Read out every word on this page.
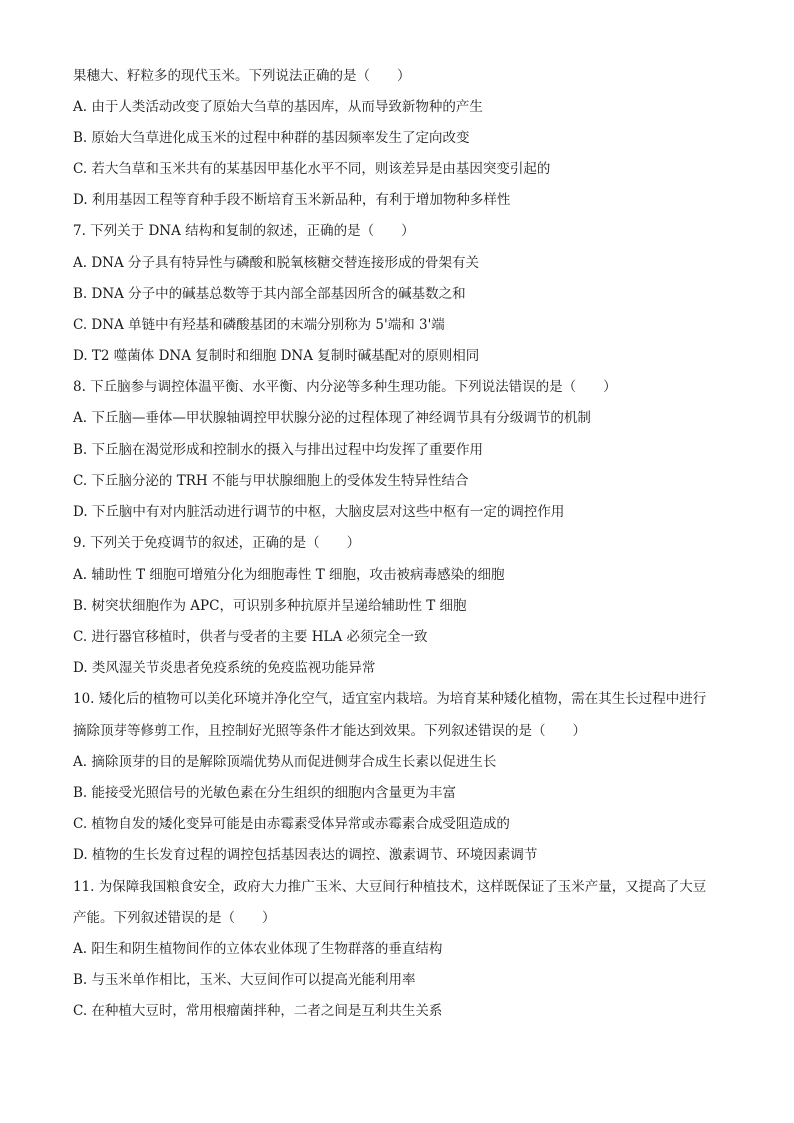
果穗大、籽粒多的现代玉米。下列说法正确的是（　　）
A. 由于人类活动改变了原始大刍草的基因库，从而导致新物种的产生
B. 原始大刍草进化成玉米的过程中种群的基因频率发生了定向改变
C. 若大刍草和玉米共有的某基因甲基化水平不同，则该差异是由基因突变引起的
D. 利用基因工程等育种手段不断培育玉米新品种，有利于增加物种多样性
7. 下列关于 DNA 结构和复制的叙述，正确的是（　　）
A. DNA 分子具有特异性与磷酸和脱氧核糖交替连接形成的骨架有关
B. DNA 分子中的碱基总数等于其内部全部基因所含的碱基数之和
C. DNA 单链中有羟基和磷酸基团的末端分别称为 5'端和 3'端
D. T2 噬菌体 DNA 复制时和细胞 DNA 复制时碱基配对的原则相同
8. 下丘脑参与调控体温平衡、水平衡、内分泌等多种生理功能。下列说法错误的是（　　）
A. 下丘脑—垂体—甲状腺轴调控甲状腺分泌的过程体现了神经调节具有分级调节的机制
B. 下丘脑在渴觉形成和控制水的摄入与排出过程中均发挥了重要作用
C. 下丘脑分泌的 TRH 不能与甲状腺细胞上的受体发生特异性结合
D. 下丘脑中有对内脏活动进行调节的中枢，大脑皮层对这些中枢有一定的调控作用
9. 下列关于免疫调节的叙述，正确的是（　　）
A. 辅助性 T 细胞可增殖分化为细胞毒性 T 细胞，攻击被病毒感染的细胞
B. 树突状细胞作为 APC，可识别多种抗原并呈递给辅助性 T 细胞
C. 进行器官移植时，供者与受者的主要 HLA 必须完全一致
D. 类风湿关节炎患者免疫系统的免疫监视功能异常
10. 矮化后的植物可以美化环境并净化空气，适宜室内栽培。为培育某种矮化植物，需在其生长过程中进行
摘除顶芽等修剪工作，且控制好光照等条件才能达到效果。下列叙述错误的是（　　）
A. 摘除顶芽的目的是解除顶端优势从而促进侧芽合成生长素以促进生长
B. 能接受光照信号的光敏色素在分生组织的细胞内含量更为丰富
C. 植物自发的矮化变异可能是由赤霉素受体异常或赤霉素合成受阻造成的
D. 植物的生长发育过程的调控包括基因表达的调控、激素调节、环境因素调节
11. 为保障我国粮食安全，政府大力推广玉米、大豆间行种植技术，这样既保证了玉米产量，又提高了大豆
产能。下列叙述错误的是（　　）
A. 阳生和阴生植物间作的立体农业体现了生物群落的垂直结构
B. 与玉米单作相比，玉米、大豆间作可以提高光能利用率
C. 在种植大豆时，常用根瘤菌拌种，二者之间是互利共生关系
